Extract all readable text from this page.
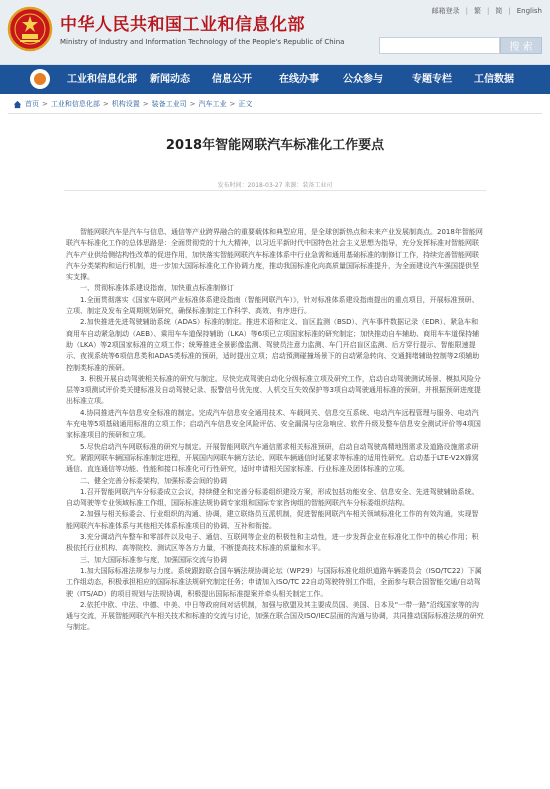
中华人民共和国工业和信息化部
Ministry of Industry and Information Technology of the People's Republic of China
邮箱登录 | 繁 | 简 | English
搜 索
工业和信息化部 新闻动态 信息公开	在线办事 公众参与	专题专栏 工信数据
首页 > 工业和信息化部 > 机构设置 > 装备工业司 > 汽车工业 > 正文
2018年智能网联汽车标准化工作要点
发布时间：2018-03-27 来源：装备工业司

智能网联汽车是汽车与信息、通信等产业跨界融合的重要载体和典型应用，是全球创新热点和未来产业发展制高点。2018年智能网联汽车标准化工作的总体思路是：全面贯彻党的十九大精神，以习近平新时代中国特色社会主义思想为指导，充分发挥标准对智能网联汽车产业供给侧结构性改革的促进作用，加快落实智能网联汽车标准体系中行业急需和通用基础标准的制修订工作，持续完善智能网联汽车分类架构和运行机制，进一步加大国际标准化工作协调力度，推动我国标准化向高质量国际标准提升，为全面建设汽车强国提供坚实支撑。

一、贯彻标准体系建设指南，加快重点标准制修订

1.全面贯彻落实《国家车联网产业标准体系建设指南（智能网联汽车）》，针对标准体系建设指南提出的重点项目，开展标准预研、立项、制定及发布全周期规划研究，确保标准制定工作科学、高效、有序进行。

2.加快推进先进驾驶辅助系统（ADAS）标准的制定。推进术语和定义、盲区监测（BSD）、汽车事件数据记录（EDR）、紧急车和商用车自动紧急制动（AEB）、乘用车车道保持辅助（LKA）等6项已立项国家标准的研究制定；加快推动自车辅助、商用车车道保持辅助（LKA）等2项国家标准的立项工作；统筹推进全景影像监测、驾驶员注意力监测、车门开启盲区监测、后方穿行提示、智能限速提示、夜视系统等6项信息类和ADAS类标准的预研，适时提出立项；启动預测碰撞场景下的自动紧急转向、交通拥堵辅助控制等2项辅助控制类标准的预研。

3. 积极开展自动驾驶相关标准的研究与制定。尽快完成驾驶自动化分级标准立项及研究工作，启动自动驾驶测试场景、模拟风险分层等3项测试评价类关键标准及自动驾驶记录、报警信号优先度、人机交互失效保护等3项自动驾驶通用标准的预研，并根据预研进度提出标准立项。

4.协同推进汽车信息安全标准的制定。完成汽车信息安全通用技术、车载网关、信息交互系统、电动汽车远程管理与服务、电动汽车充电等5项基础通用标准的立项工作；启动汽车信息安全风险评估、安全漏洞与应急响应、软件升级及整车信息安全测试评价等4项国家标准项目的预研和立项。

5.尽快启动汽车网联标准的研究与制定。开展智能网联汽车通信需求相关标准预研，启动自动驾驶高精地图需求及道路设施需求研究。紧跟网联车辆国际标准制定进程，开展国内网联车辆方法论、网联车辆通信时延要求等标准的适用性研究。启动基于LTE-V2X蜂窝通信、直连通信等功能、性能和接口标准化可行性研究，适时申请相关国家标准、行业标准及团体标准的立项。

二、健全完善分标委架构，加强标委会间的协调

1.召开智能网联汽车分标委成立会议，持续健全和完善分标委组织建设方案，形成包括功能安全、信息安全、先进驾驶辅助系统、自动驾驶等专业领域标准工作组，国际标准法规协调专家组和国际专家咨询组的智能网联汽车分标委组织结构。

2.加强与相关标委会、行业组织的沟通、协调，建立联络员互派机制，促进智能网联汽车相关领域标准化工作的有效沟通，实现智能网联汽车标准体系与其他相关体系标准项目的协调、互补和衔接。

3.充分调动汽车整车和零部件以及电子、通信、互联网等企业的积极性和主动性，进一步发挥企业在标准化工作中的核心作用；积极依托行业机构、高等院校、测试区等各方力量，不断提高技术标准的质量和水平。

三、加大国际标准参与度，加强国际交流与协调

1.加大国际标准法规参与力度。系统跟踪联合国车辆法规协调论坛（WP29）与国际标准化组织道路车辆委员会（ISO/TC22）下属工作组动态，积极承担相应的国际标准法规研究制定任务；申请加入ISO/TC 22自动驾驶特别工作组，全面参与联合国智能交通/自动驾驶（ITS/AD）的项目规划与法规协调，积极提出国际标准提案并牵头相关制定工作。

2.依托中欧、中法、中德、中美、中日等政府间对话机制，加强与欧盟及其主要成员国、美国、日本及“一带一路”沿线国家等的沟通与交流，开展智能网联汽车相关技术和标准的交流与讨论，加强在联合国及ISO/IEC层面的沟通与协调，共同推动国际标准法规的研究与制定。
